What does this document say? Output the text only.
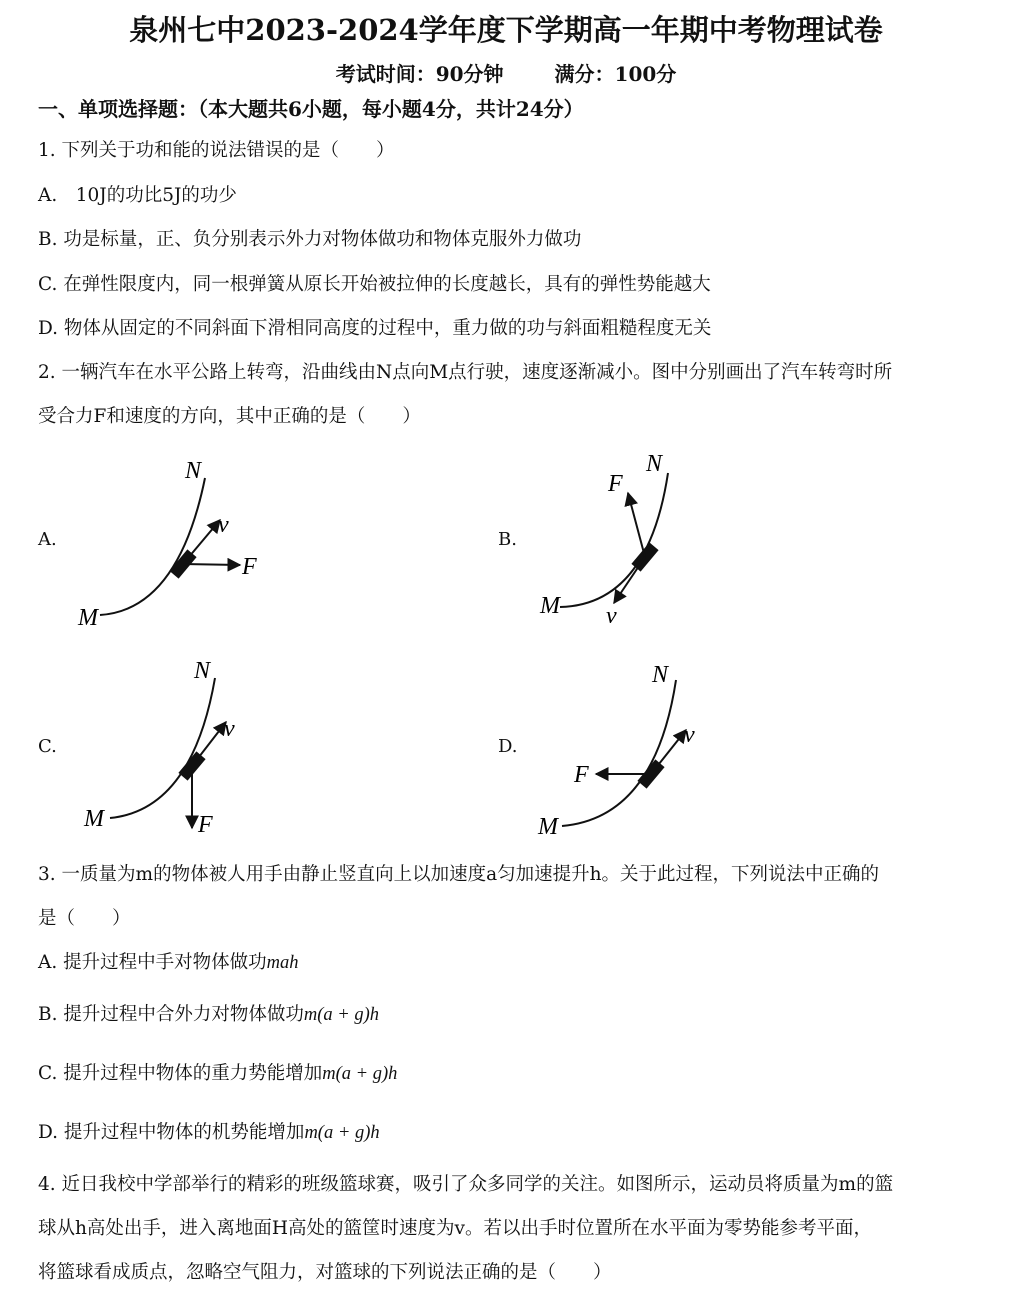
泉州七中2023-2024学年度下学期高一年期中考物理试卷
考试时间：90分钟	满分：100分
一、单项选择题：（本大题共6小题，每小题4分，共计24分）
1. 下列关于功和能的说法错误的是（　　）
A.　10J的功比5J的功少
B. 功是标量，正、负分别表示外力对物体做功和物体克服外力做功
C. 在弹性限度内，同一根弹簧从原长开始被拉伸的长度越长，具有的弹性势能越大
D. 物体从固定的不同斜面下滑相同高度的过程中，重力做的功与斜面粗糙程度无关
2. 一辆汽车在水平公路上转弯，沿曲线由N点向M点行驶，速度逐渐减小。图中分别画出了汽车转弯时所
受合力F和速度的方向，其中正确的是（　　）
A.	B.
C.	D.
N
M
v
F
N
F
M v
N
v
M	F
N
v
F
M
3. 一质量为m的物体被人用手由静止竖直向上以加速度a匀加速提升h。关于此过程，下列说法中正确的
是（　　）
A. 提升过程中手对物体做功mah
B. 提升过程中合外力对物体做功m(a + g)h
C. 提升过程中物体的重力势能增加m(a + g)h
D. 提升过程中物体的机势能增加m(a + g)h
4. 近日我校中学部举行的精彩的班级篮球赛，吸引了众多同学的关注。如图所示，运动员将质量为m的篮
球从h高处出手，进入离地面H高处的篮筐时速度为v。若以出手时位置所在水平面为零势能参考平面，
将篮球看成质点，忽略空气阻力，对篮球的下列说法正确的是（　　）
